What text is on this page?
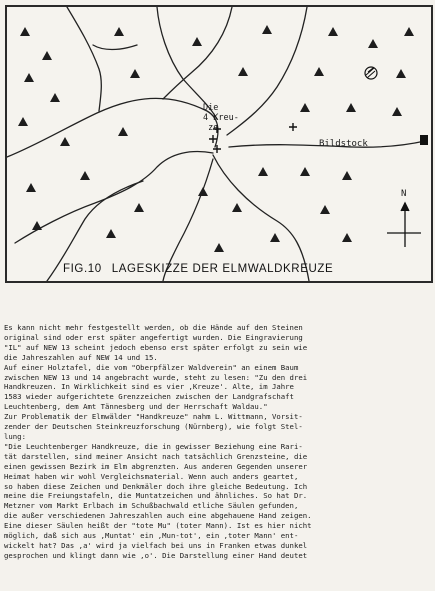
Die
4 Kreu-
ze
Bildstock
N
FIG.10 LAGESKIZZE DER ELMWALDKREUZE

Es kann nicht mehr festgestellt werden, ob die Hände auf den Steinen

original sind oder erst später angefertigt wurden. Die Eingravierung

"IL" auf NEW 13 scheint jedoch ebenso erst später erfolgt zu sein wie

die Jahreszahlen auf NEW 14 und 15.

Auf einer Holztafel, die vom "Oberpfälzer Waldverein" an einem Baum

zwischen NEW 13 und 14 angebracht wurde, steht zu lesen: "Zu den drei

Handkreuzen. In Wirklichkeit sind es vier ,Kreuze'. Alte, im Jahre

1583 wieder aufgerichtete Grenzzeichen zwischen der Landgrafschaft

Leuchtenberg, dem Amt Tännesberg und der Herrschaft Waldau."

Zur Problematik der Elmwälder "Handkreuze" nahm L. Wittmann, Vorsit-

zender der Deutschen Steinkreuzforschung (Nürnberg), wie folgt Stel-

lung:

"Die Leuchtenberger Handkreuze, die in gewisser Beziehung eine Rari-

tät darstellen, sind meiner Ansicht nach tatsächlich Grenzsteine, die

einen gewissen Bezirk im Elm abgrenzten. Aus anderen Gegenden unserer

Heimat haben wir wohl Vergleichsmaterial. Wenn auch anders geartet,

so haben diese Zeichen und Denkmäler doch ihre gleiche Bedeutung. Ich

meine die Freiungstafeln, die Muntatzeichen und ähnliches. So hat Dr.

Metzner vom Markt Erlbach im Schußbachwald etliche Säulen gefunden,

die außer verschiedenen Jahreszahlen auch eine abgehauene Hand zeigen.

Eine dieser Säulen heißt der "tote Mu" (toter Mann). Ist es hier nicht

möglich, daß sich aus ,Muntat' ein ,Mun-tot', ein ,toter Mann' ent-

wickelt hat? Das ,a' wird ja vielfach bei uns in Franken etwas dunkel

gesprochen und klingt dann wie ,o'. Die Darstellung einer Hand deutet
